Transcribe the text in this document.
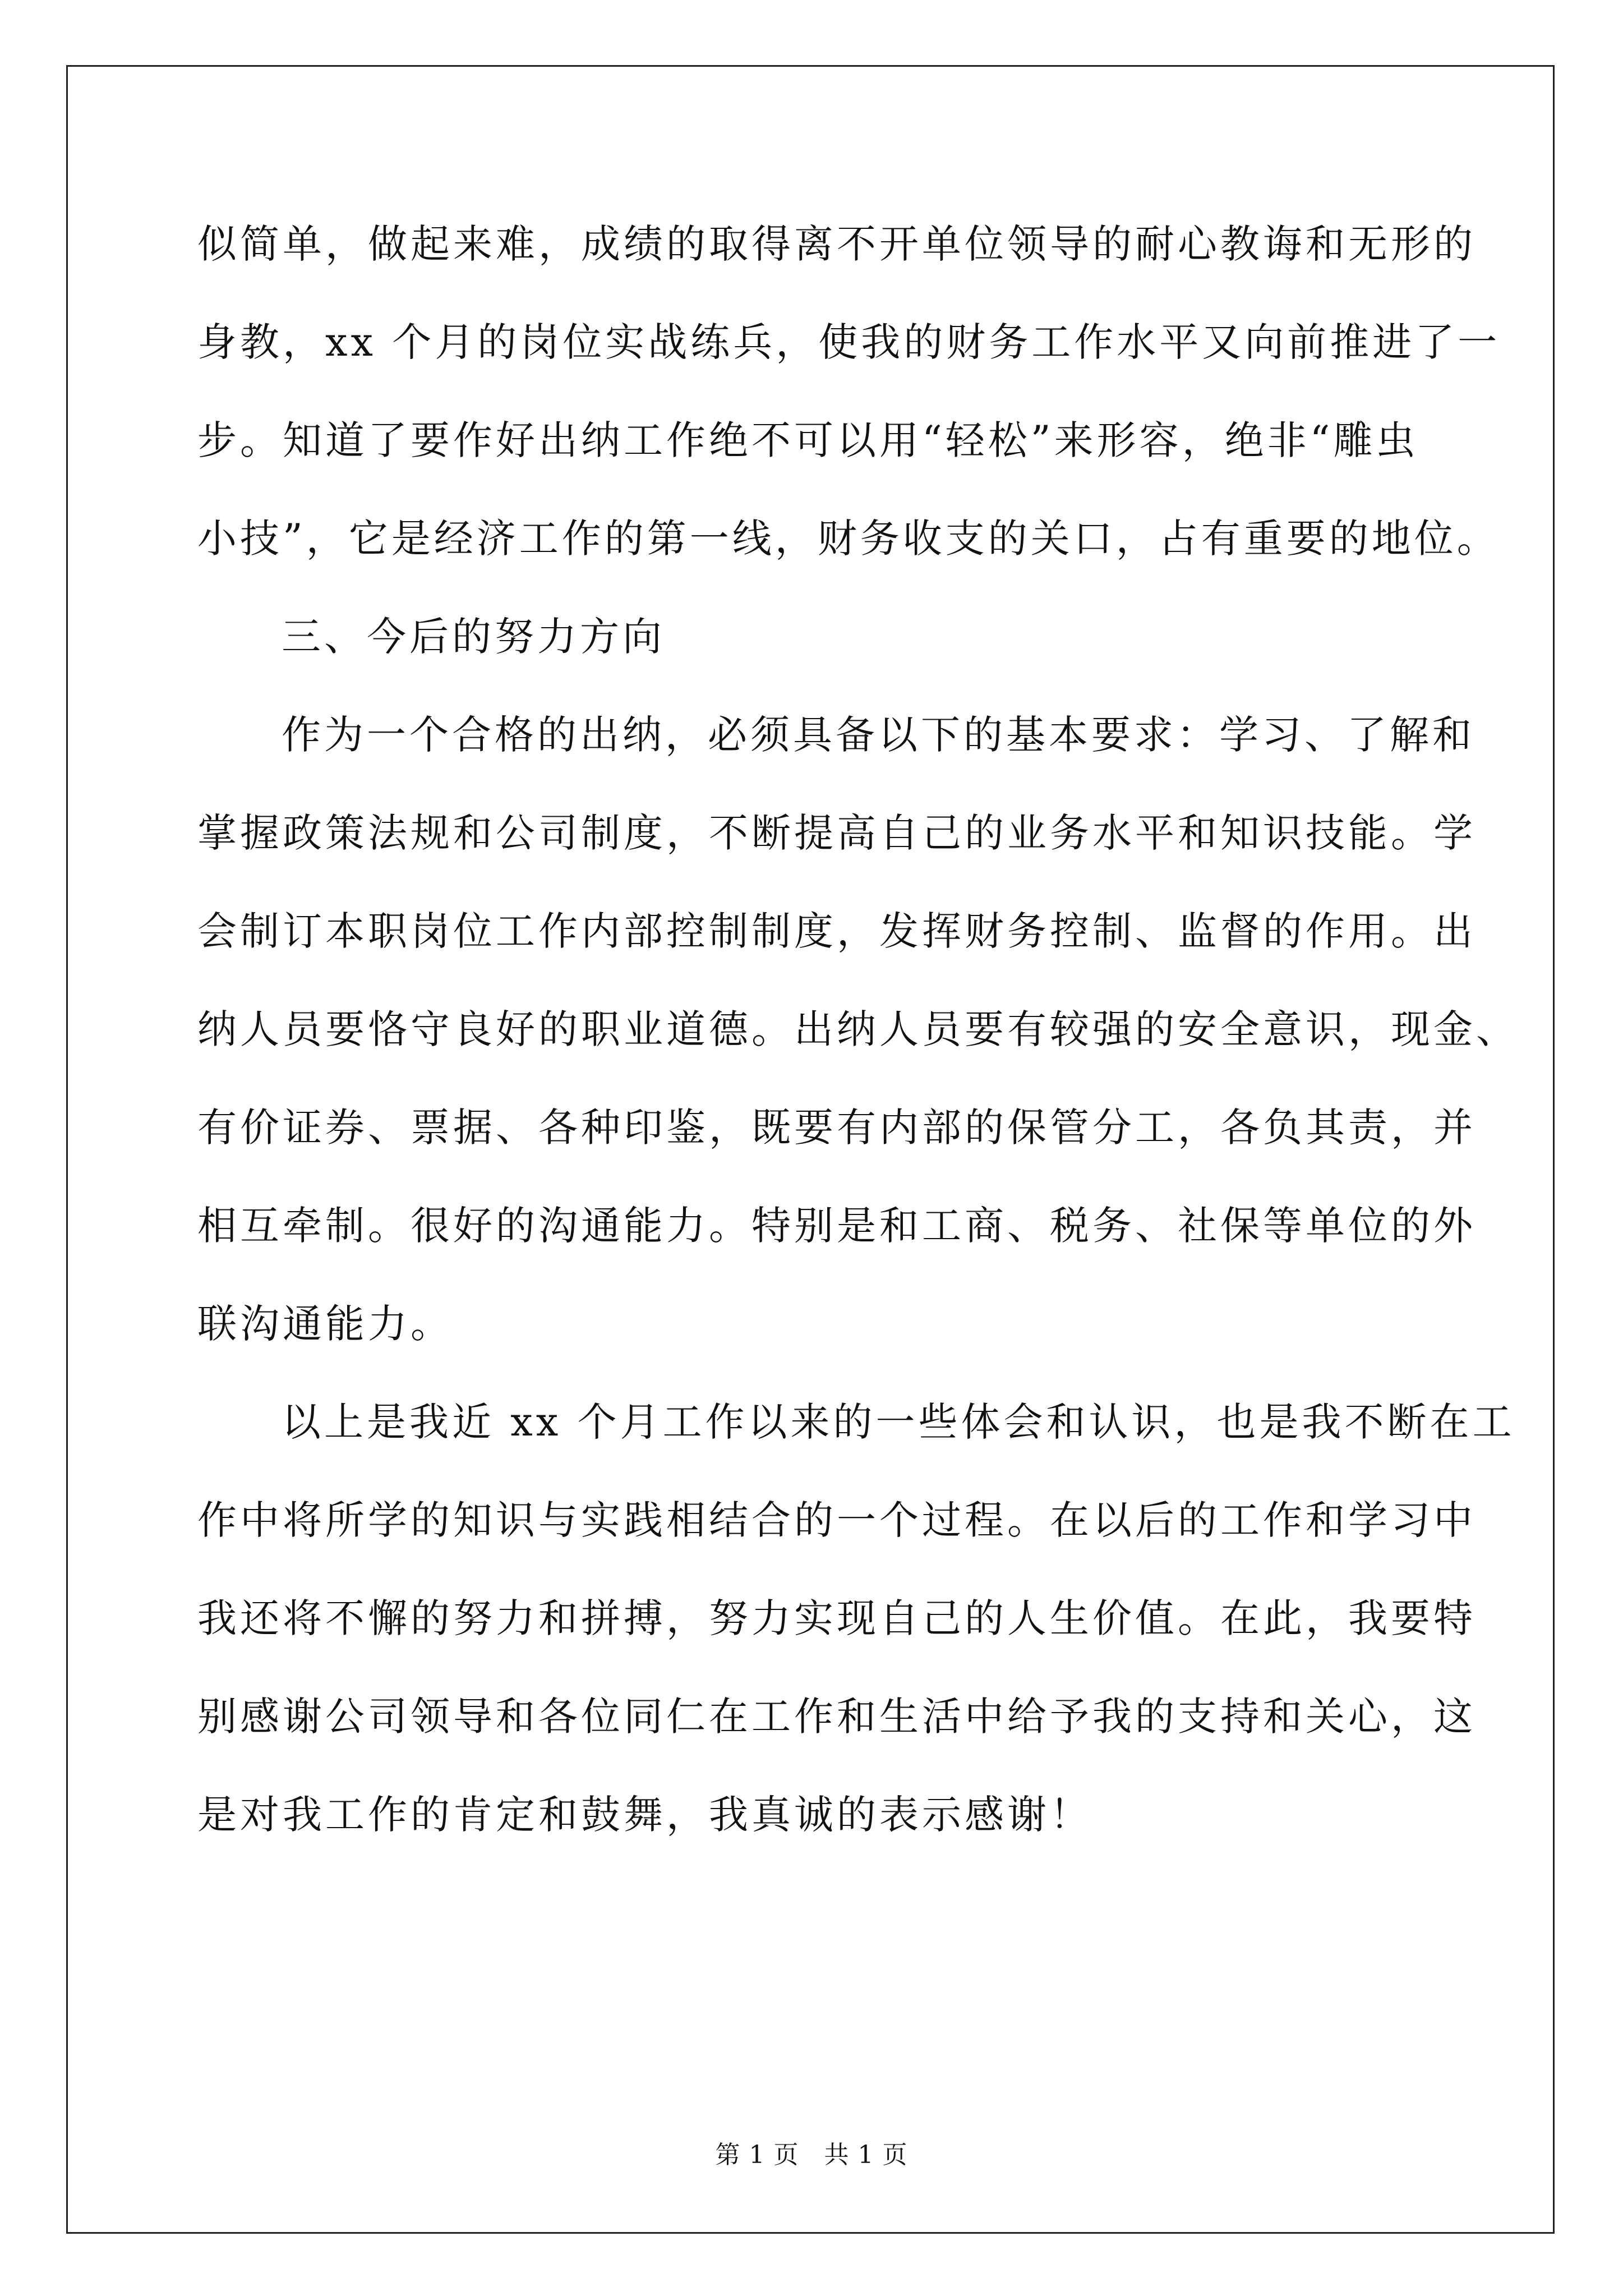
似简单，做起来难，成绩的取得离不开单位领导的耐心教诲和无形的
身教，xx 个月的岗位实战练兵，使我的财务工作水平又向前推进了一
步。知道了要作好出纳工作绝不可以用“轻松”来形容，绝非“雕虫
小技”，它是经济工作的第一线，财务收支的关口，占有重要的地位。
三、今后的努力方向
作为一个合格的出纳，必须具备以下的基本要求：学习、了解和
掌握政策法规和公司制度，不断提高自己的业务水平和知识技能。学
会制订本职岗位工作内部控制制度，发挥财务控制、监督的作用。出
纳人员要恪守良好的职业道德。出纳人员要有较强的安全意识，现金、
有价证券、票据、各种印鉴，既要有内部的保管分工，各负其责，并
相互牵制。很好的沟通能力。特别是和工商、税务、社保等单位的外
联沟通能力。
以上是我近 xx 个月工作以来的一些体会和认识，也是我不断在工
作中将所学的知识与实践相结合的一个过程。在以后的工作和学习中
我还将不懈的努力和拼搏，努力实现自己的人生价值。在此，我要特
别感谢公司领导和各位同仁在工作和生活中给予我的支持和关心，这
是对我工作的肯定和鼓舞，我真诚的表示感谢！
第 1 页   共 1 页
